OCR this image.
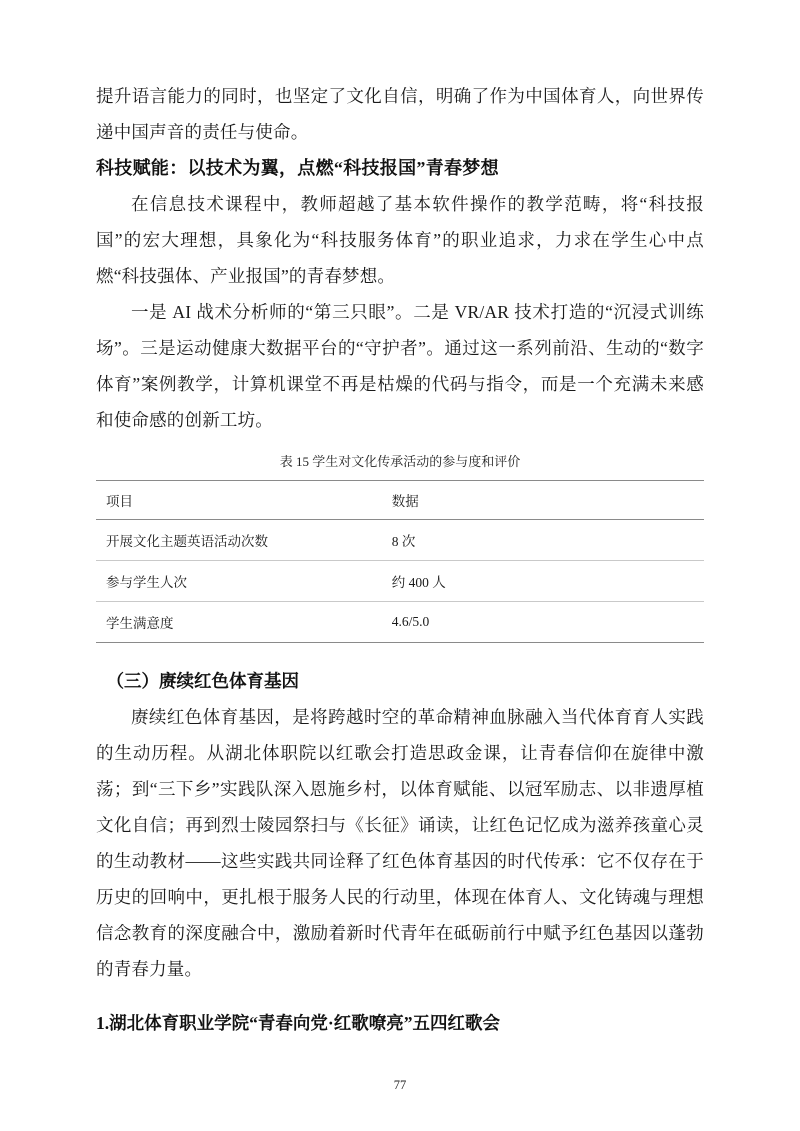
提升语言能力的同时，也坚定了文化自信，明确了作为中国体育人，向世界传递中国声音的责任与使命。

科技赋能：以技术为翼，点燃“科技报国”青春梦想

在信息技术课程中，教师超越了基本软件操作的教学范畴，将“科技报国”的宏大理想，具象化为“科技服务体育”的职业追求，力求在学生心中点燃“科技强体、产业报国”的青春梦想。

一是 AI 战术分析师的“第三只眼”。二是 VR/AR 技术打造的“沉浸式训练场”。三是运动健康大数据平台的“守护者”。通过这一系列前沿、生动的“数字体育”案例教学，计算机课堂不再是枯燥的代码与指令，而是一个充满未来感和使命感的创新工坊。

表 15 学生对文化传承活动的参与度和评价
项目	数据
开展文化主题英语活动次数	8 次
参与学生人次	约 400 人
学生满意度	4.6/5.0
（三）赓续红色体育基因

赓续红色体育基因，是将跨越时空的革命精神血脉融入当代体育育人实践的生动历程。从湖北体职院以红歌会打造思政金课，让青春信仰在旋律中激荡；到“三下乡”实践队深入恩施乡村，以体育赋能、以冠军励志、以非遗厚植文化自信；再到烈士陵园祭扫与《长征》诵读，让红色记忆成为滋养孩童心灵的生动教材——这些实践共同诠释了红色体育基因的时代传承：它不仅存在于历史的回响中，更扎根于服务人民的行动里，体现在体育人、文化铸魂与理想信念教育的深度融合中，激励着新时代青年在砥砺前行中赋予红色基因以蓬勃的青春力量。

1.湖北体育职业学院“青春向党·红歌嘹亮”五四红歌会
77
